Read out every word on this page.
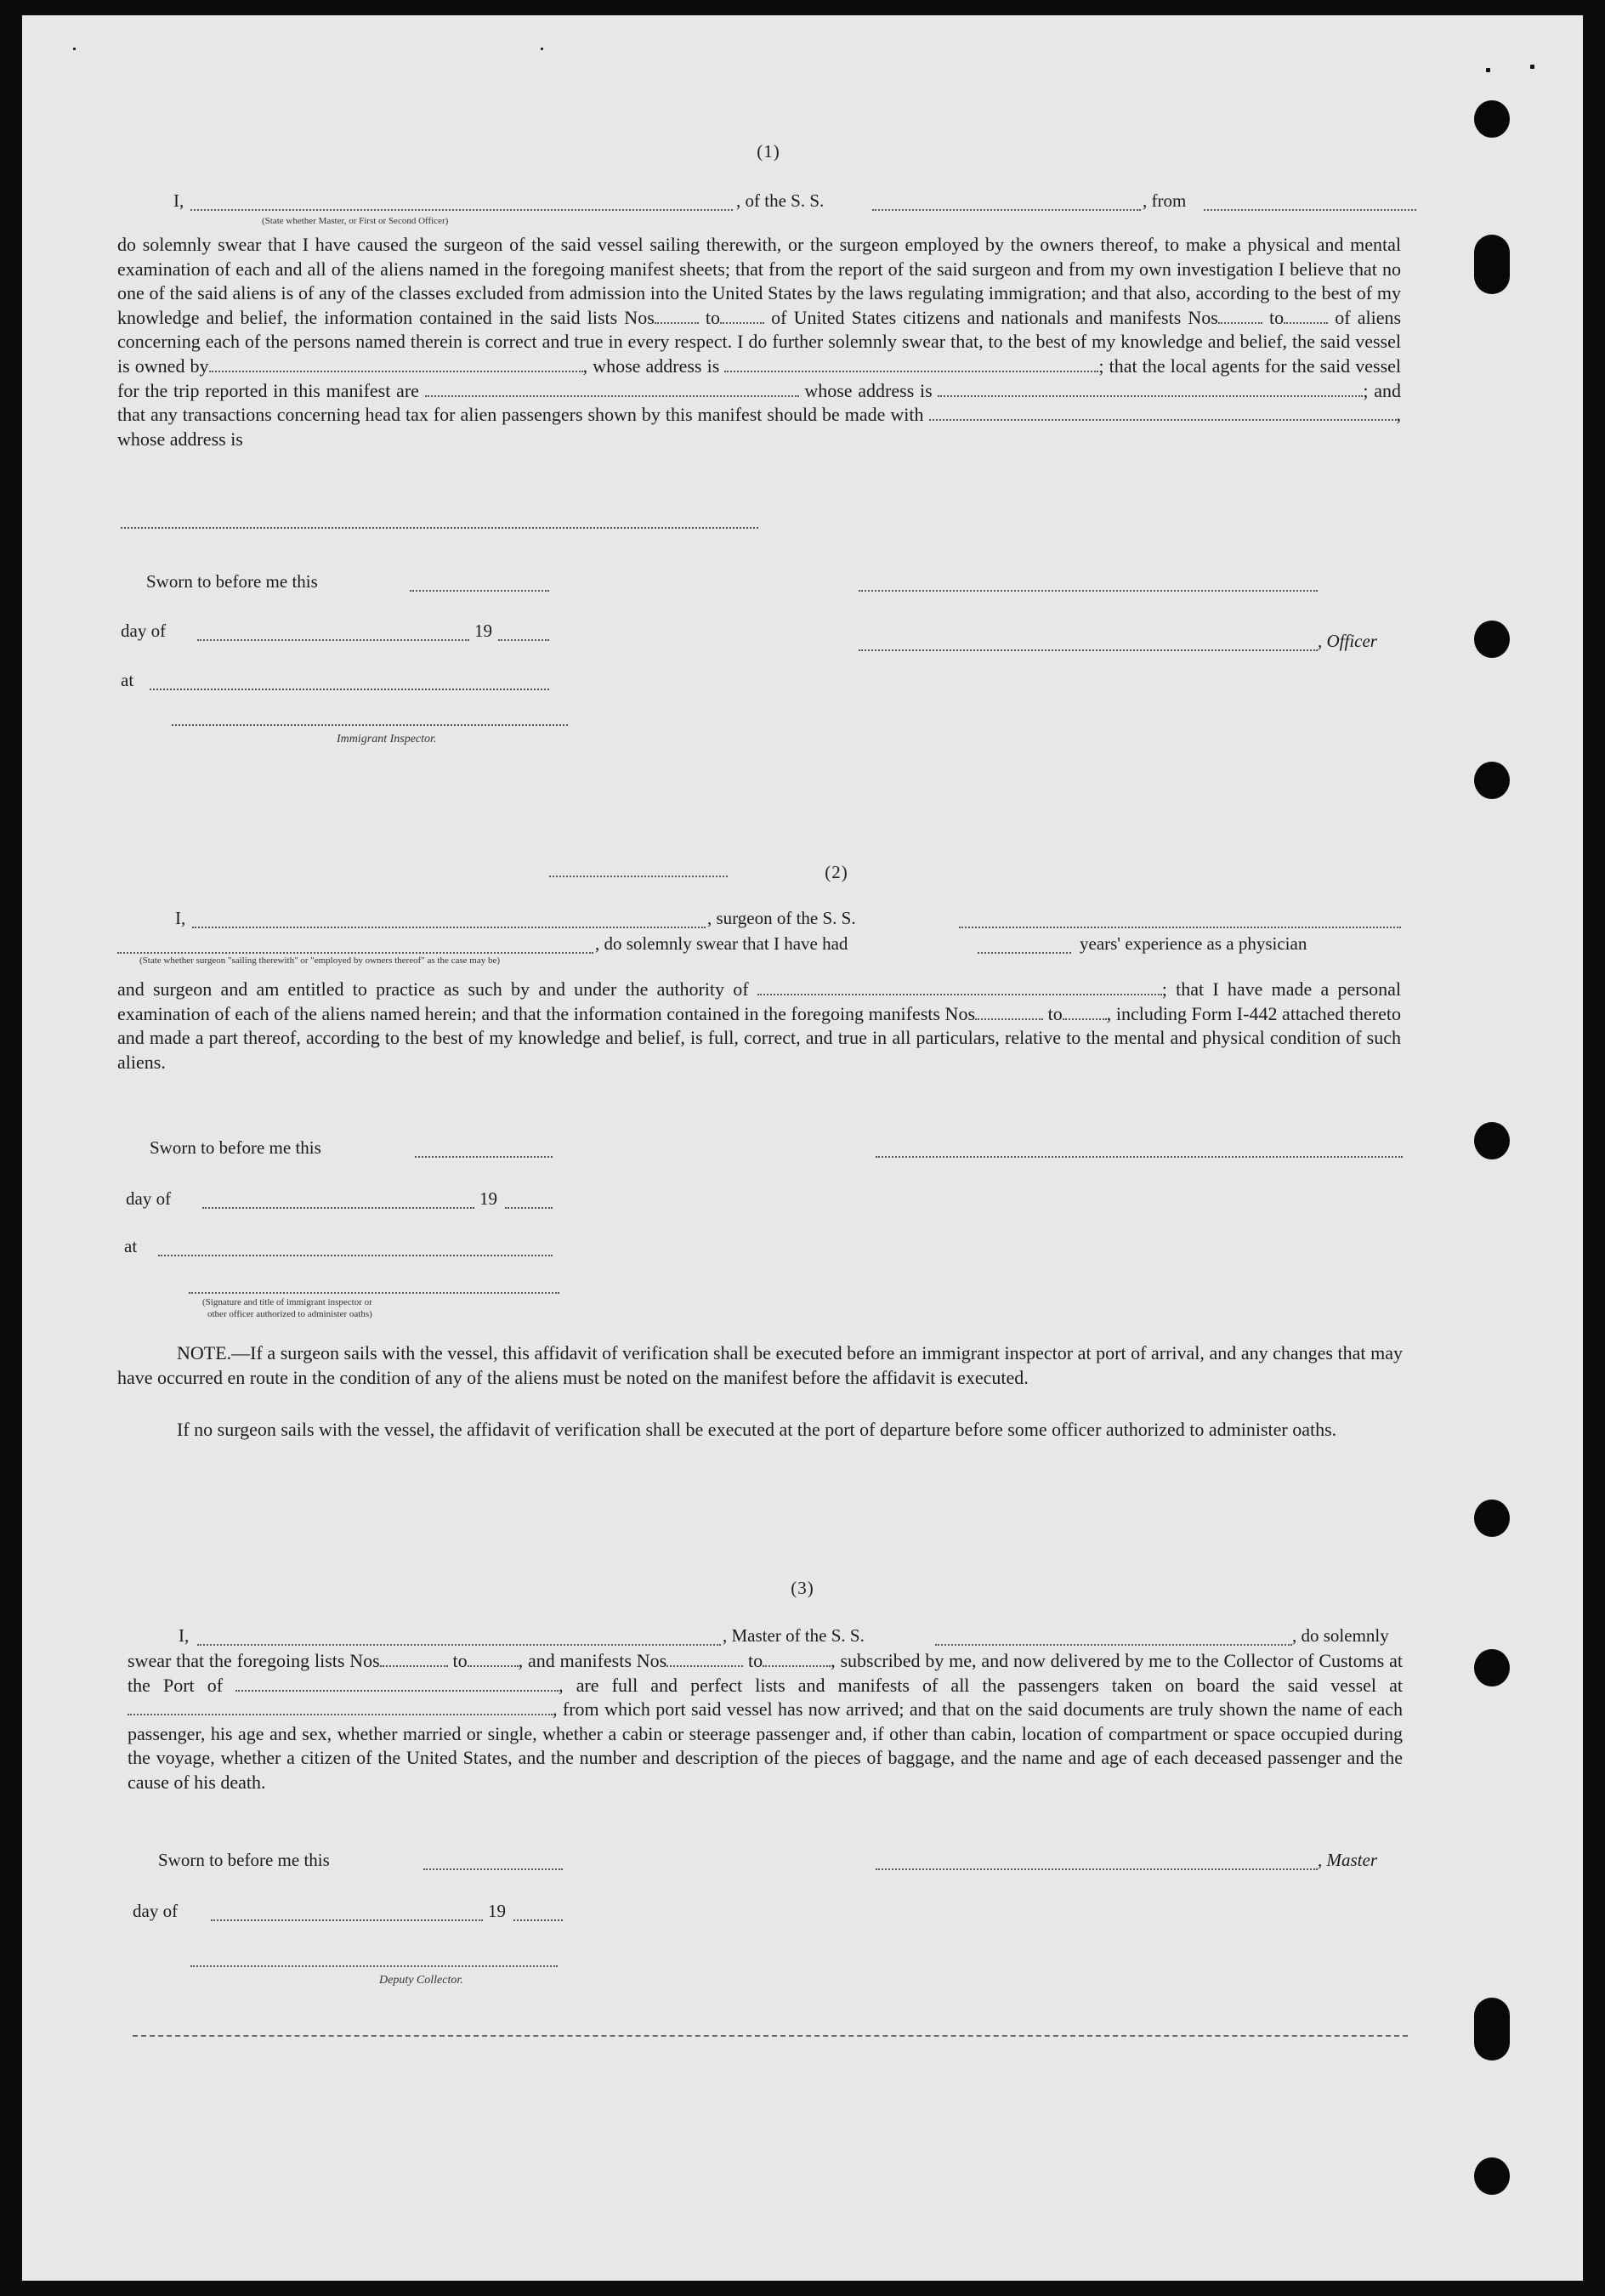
(1)
I,	, of the S. S.	, from
(State whether Master, or First or Second Officer)
do solemnly swear that I have caused the surgeon of the said vessel sailing therewith, or the surgeon employed by the owners thereof, to make a physical and mental examination of each and all of the aliens named in the foregoing manifest sheets; that from the report of the said surgeon and from my own investigation I believe that no one of the said aliens is of any of the classes excluded from admission into the United States by the laws regulating immigration; and that also, according to the best of my knowledge and belief, the information contained in the said lists Nos	to	of United States citizens and nationals and manifests Nos	to	of aliens concerning each of the persons named therein is correct and true in every respect. I do further solemnly swear that, to the best of my knowledge and belief, the said vessel is owned by	, whose address is	; that the local agents for the said vessel for the trip reported in this manifest are	whose address is	; and that any transactions concerning head tax for alien passengers shown by this manifest should be made with	, whose address is
Sworn to before me this
day of	19	, Officer
at
Immigrant Inspector.
(2)
I,	, surgeon of the S. S.
, do solemnly swear that I have had	years' experience as a physician
(State whether surgeon "sailing therewith" or "employed by owners thereof" as the case may be)
and surgeon and am entitled to practice as such by and under the authority of	; that I have made a personal examination of each of the aliens named herein; and that the information contained in the foregoing manifests Nos	to , including Form I-442 attached thereto and made a part thereof, according to the best of my knowledge and belief, is full, correct, and true in all particulars, relative to the mental and physical condition of such aliens.
Sworn to before me this
day of	19
at
(Signature and title of immigrant inspector or
other officer authorized to administer oaths)
NOTE.—If a surgeon sails with the vessel, this affidavit of verification shall be executed before an immigrant inspector at port of arrival, and any changes that may have occurred en route in the condition of any of the aliens must be noted on the manifest before the affidavit is executed.
If no surgeon sails with the vessel, the affidavit of verification shall be executed at the port of departure before some officer authorized to administer oaths.
(3)
I,	, Master of the S. S.	, do solemnly
swear that the foregoing lists Nos	to	, and manifests Nos	to	, subscribed by me, and now delivered by me to the Collector of Customs at the Port of	, are full and perfect lists and manifests of all the passengers taken on board the said vessel at , from which port said vessel has now arrived; and that on the said documents are truly shown the name of each passenger, his age and sex, whether married or single, whether a cabin or steerage passenger and, if other than cabin, location of compartment or space occupied during the voyage, whether a citizen of the United States, and the number and description of the pieces of baggage, and the name and age of each deceased passenger and the cause of his death.
Sworn to before me this	, Master
day of	19
Deputy Collector.
